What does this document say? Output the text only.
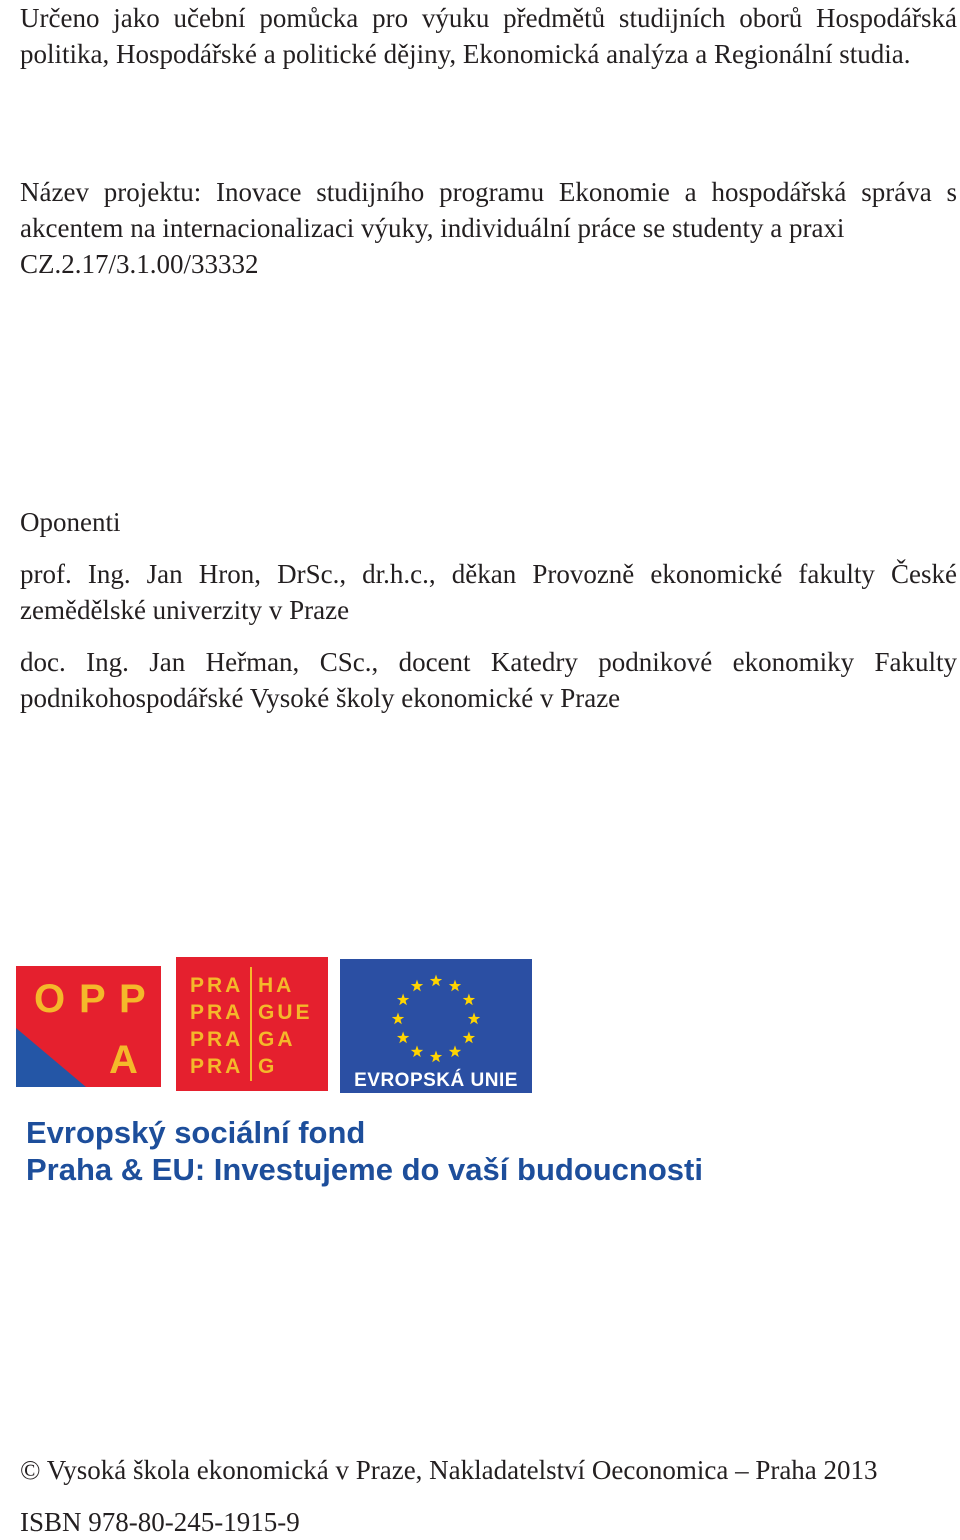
Určeno jako učební pomůcka pro výuku předmětů studijních oborů Hospodářská politika, Hospodářské a politické dějiny, Ekonomická analýza a Regionální studia.

Název projektu: Inovace studijního programu Ekonomie a hospodářská správa s akcentem na internacionalizaci výuky, individuální práce se studenty a praxi

CZ.2.17/3.1.00/33332

Oponenti

prof. Ing. Jan Hron, DrSc., dr.h.c., děkan Provozně ekonomické fakulty České zemědělské univerzity v Praze

doc. Ing. Jan Heřman, CSc., docent Katedry podnikové ekonomiky Fakulty podnikohospodářské Vysoké školy ekonomické v Praze

O P P
A
PRA HA
PRA GUE
PRA GA
PRA G
EVROPSKÁ UNIE
Evropský sociální fond
Praha & EU: Investujeme do vaší budoucnosti

© Vysoká škola ekonomická v Praze, Nakladatelství Oeconomica – Praha 2013

ISBN 978-80-245-1915-9
